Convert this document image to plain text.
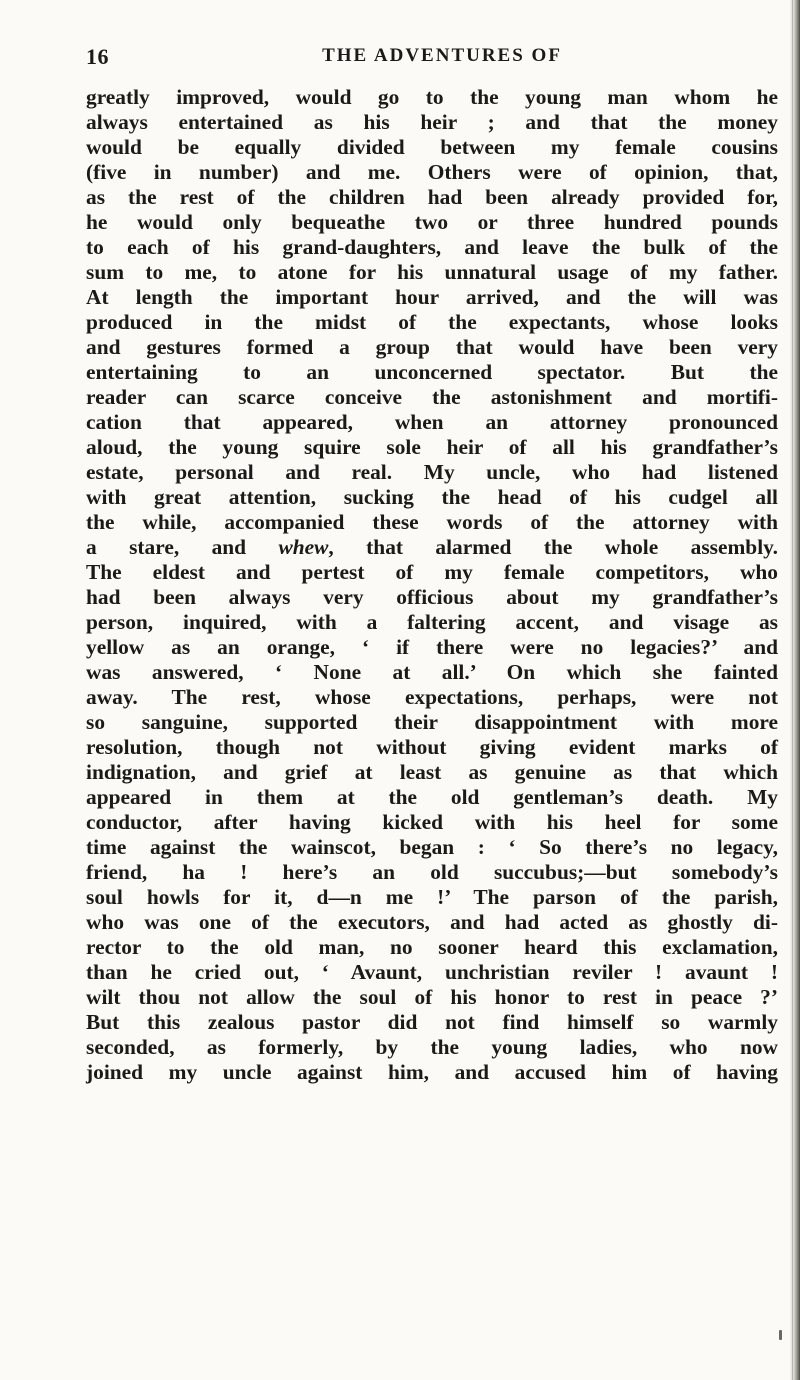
16	THE ADVENTURES OF
greatly improved, would go to the young man whom he
always entertained as his heir ; and that the money
would be equally divided between my female cousins
(five in number) and me. Others were of opinion, that,
as the rest of the children had been already provided for,
he would only bequeathe two or three hundred pounds
to each of his grand-daughters, and leave the bulk of the
sum to me, to atone for his unnatural usage of my father.
At length the important hour arrived, and the will was
produced in the midst of the expectants, whose looks
and gestures formed a group that would have been very
entertaining to an unconcerned spectator. But the
reader can scarce conceive the astonishment and mortifi-
cation that appeared, when an attorney pronounced
aloud, the young squire sole heir of all his grandfather’s
estate, personal and real. My uncle, who had listened
with great attention, sucking the head of his cudgel all
the while, accompanied these words of the attorney with
a stare, and whew, that alarmed the whole assembly.
The eldest and pertest of my female competitors, who
had been always very officious about my grandfather’s
person, inquired, with a faltering accent, and visage as
yellow as an orange, ‘ if there were no legacies?’ and
was answered, ‘ None at all.’ On which she fainted
away. The rest, whose expectations, perhaps, were not
so sanguine, supported their disappointment with more
resolution, though not without giving evident marks of
indignation, and grief at least as genuine as that which
appeared in them at the old gentleman’s death. My
conductor, after having kicked with his heel for some
time against the wainscot, began : ‘ So there’s no legacy,
friend, ha ! here’s an old succubus;—but somebody’s
soul howls for it, d—n me !’ The parson of the parish,
who was one of the executors, and had acted as ghostly di-
rector to the old man, no sooner heard this exclamation,
than he cried out, ‘ Avaunt, unchristian reviler ! avaunt !
wilt thou not allow the soul of his honor to rest in peace ?’
But this zealous pastor did not find himself so warmly
seconded, as formerly, by the young ladies, who now
joined my uncle against him, and accused him of having
